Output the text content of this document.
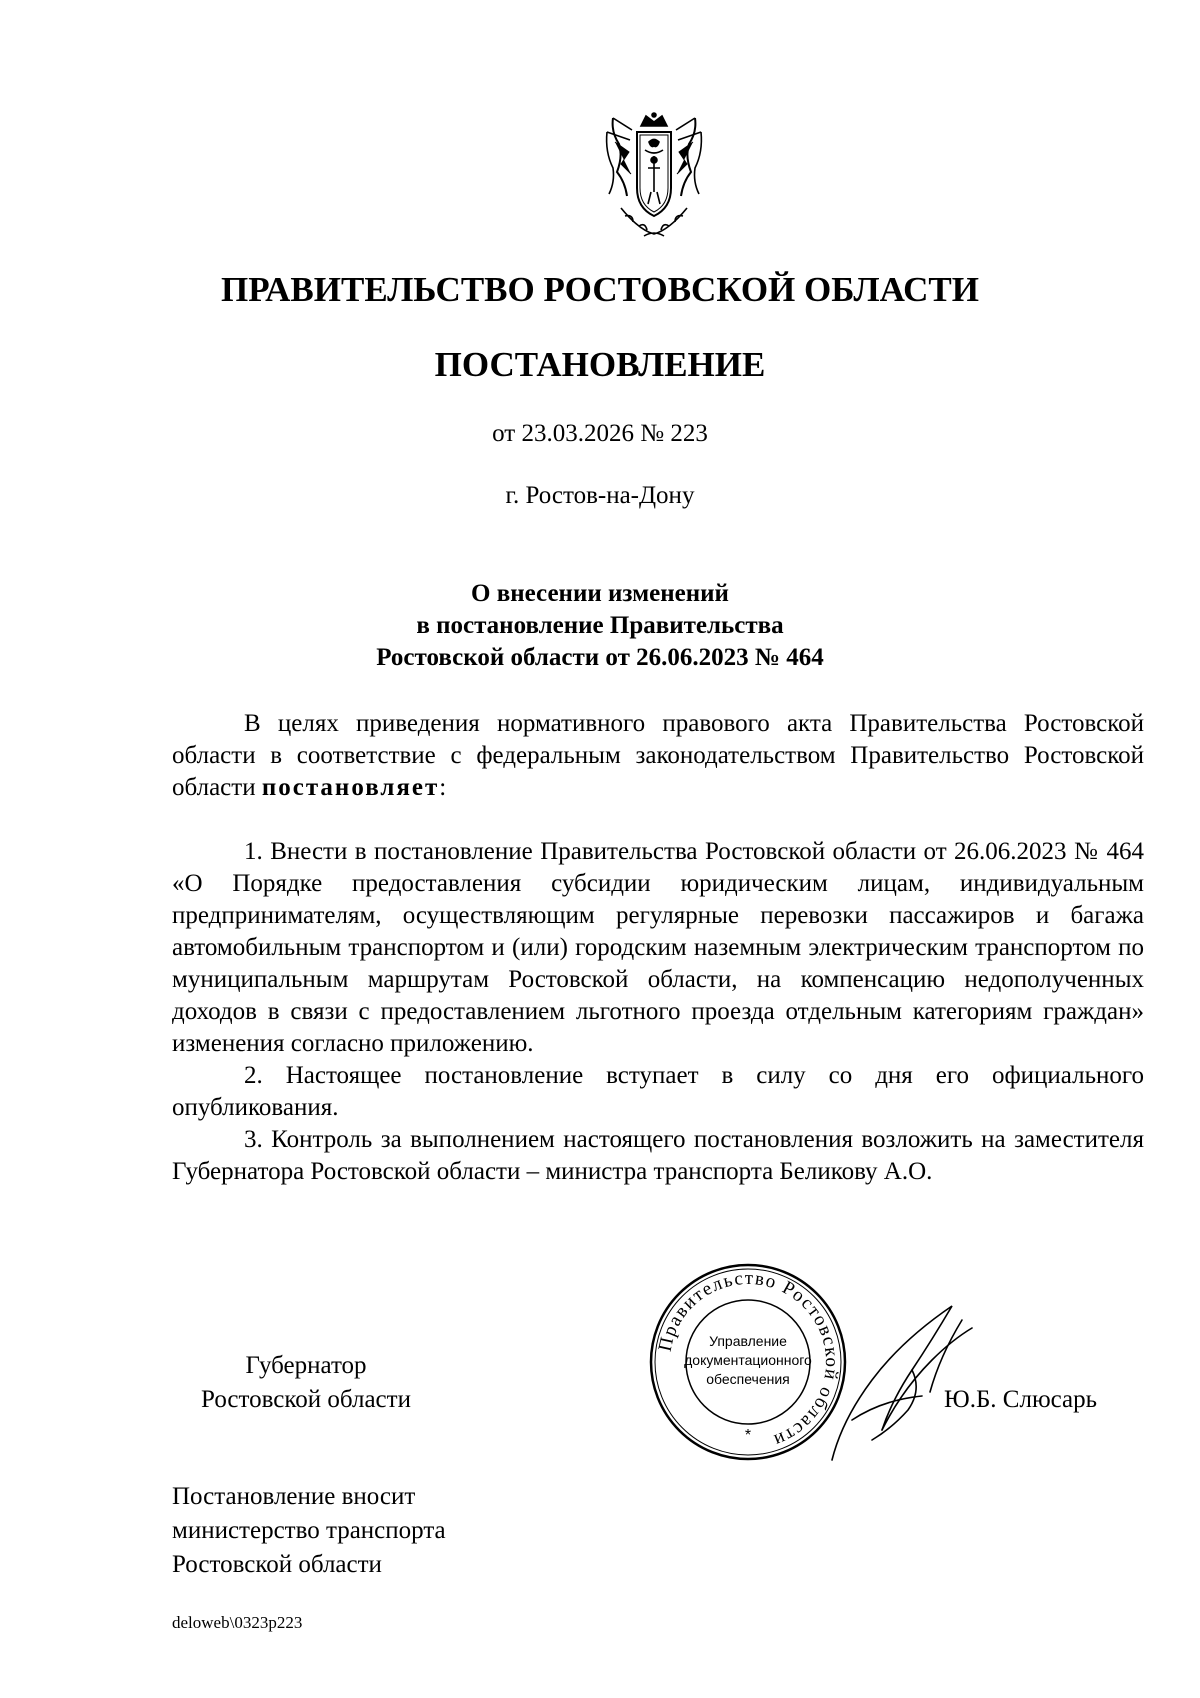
ПРАВИТЕЛЬСТВО РОСТОВСКОЙ ОБЛАСТИ
ПОСТАНОВЛЕНИЕ
от 23.03.2026 № 223
г. Ростов-на-Дону
О внесении изменений
в постановление Правительства
Ростовской области от 26.06.2023 № 464

В целях приведения нормативного правового акта Правительства Ростовской области в соответствие с федеральным законодательством Правительство Ростовской области постановляет:

1. Внести в постановление Правительства Ростовской области от 26.06.2023 № 464 «О Порядке предоставления субсидии юридическим лицам, индивидуальным предпринимателям, осуществляющим регулярные перевозки пассажиров и багажа автомобильным транспортом и (или) городским наземным электрическим транспортом по муниципальным маршрутам Ростовской области, на компенсацию недополученных доходов в связи с предоставлением льготного проезда отдельным категориям граждан» изменения согласно приложению.

2. Настоящее постановление вступает в силу со дня его официального опубликования.

3. Контроль за выполнением настоящего постановления возложить на заместителя Губернатора Ростовской области – министра транспорта Беликову А.О.

Губернатор
Ростовской области
Правительство Ростовской области
Управление
документационного
обеспечения
*
Ю.Б. Слюсарь
Постановление вносит
министерство транспорта
Ростовской области
deloweb\0323p223
